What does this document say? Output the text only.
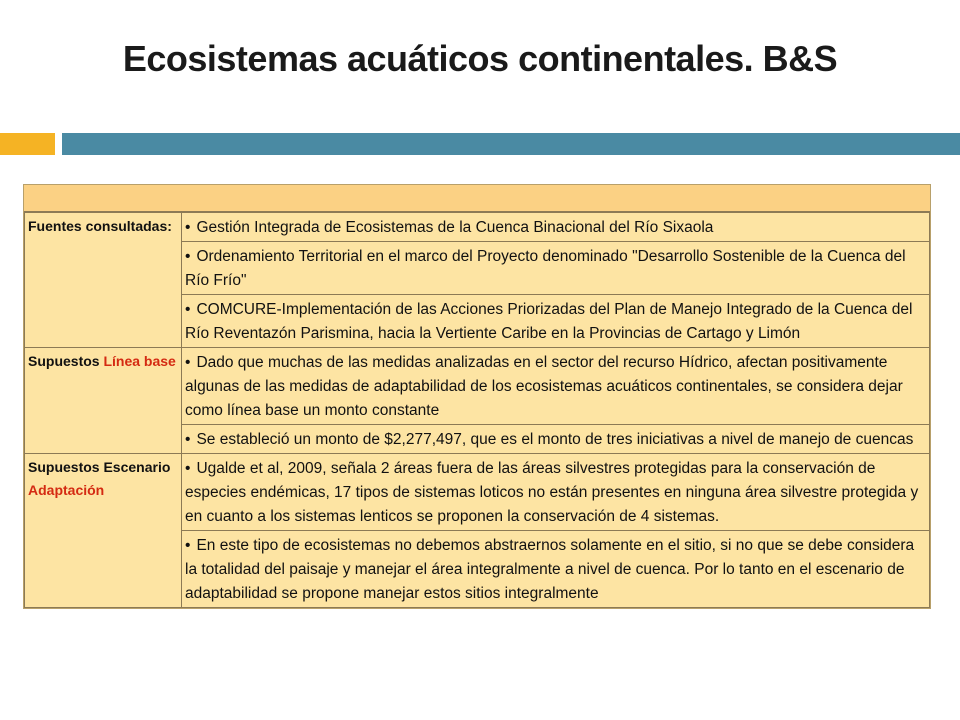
Ecosistemas acuáticos continentales. B&S
Fuentes consultadas:	• Gestión Integrada de Ecosistemas de la Cuenca Binacional del Río Sixaola
	• Ordenamiento Territorial en el marco del Proyecto denominado "Desarrollo Sostenible de la Cuenca del Río Frío"
	• COMCURE-Implementación de las Acciones Priorizadas del Plan de Manejo Integrado de la Cuenca del Río Reventazón Parismina, hacia la Vertiente Caribe en la Provincias de Cartago y Limón
Supuestos Línea base	• Dado que muchas de las medidas analizadas en el sector del recurso Hídrico, afectan positivamente algunas de las medidas de adaptabilidad de los ecosistemas acuáticos continentales, se considera dejar como línea base un monto constante
	• Se estableció un monto de $2,277,497, que es el monto de tres iniciativas a nivel de manejo de cuencas
Supuestos Escenario Adaptación	• Ugalde et al, 2009, señala 2 áreas fuera de las áreas silvestres protegidas para la conservación de especies endémicas, 17 tipos de sistemas loticos no están presentes en ninguna área silvestre protegida y en cuanto a los sistemas lenticos se proponen la conservación de 4 sistemas.
	• En este tipo de ecosistemas no debemos abstraernos solamente en el sitio, si no que se debe considera la totalidad del paisaje y manejar el área integralmente a nivel de cuenca. Por lo tanto en el escenario de adaptabilidad se propone manejar estos sitios integralmente
